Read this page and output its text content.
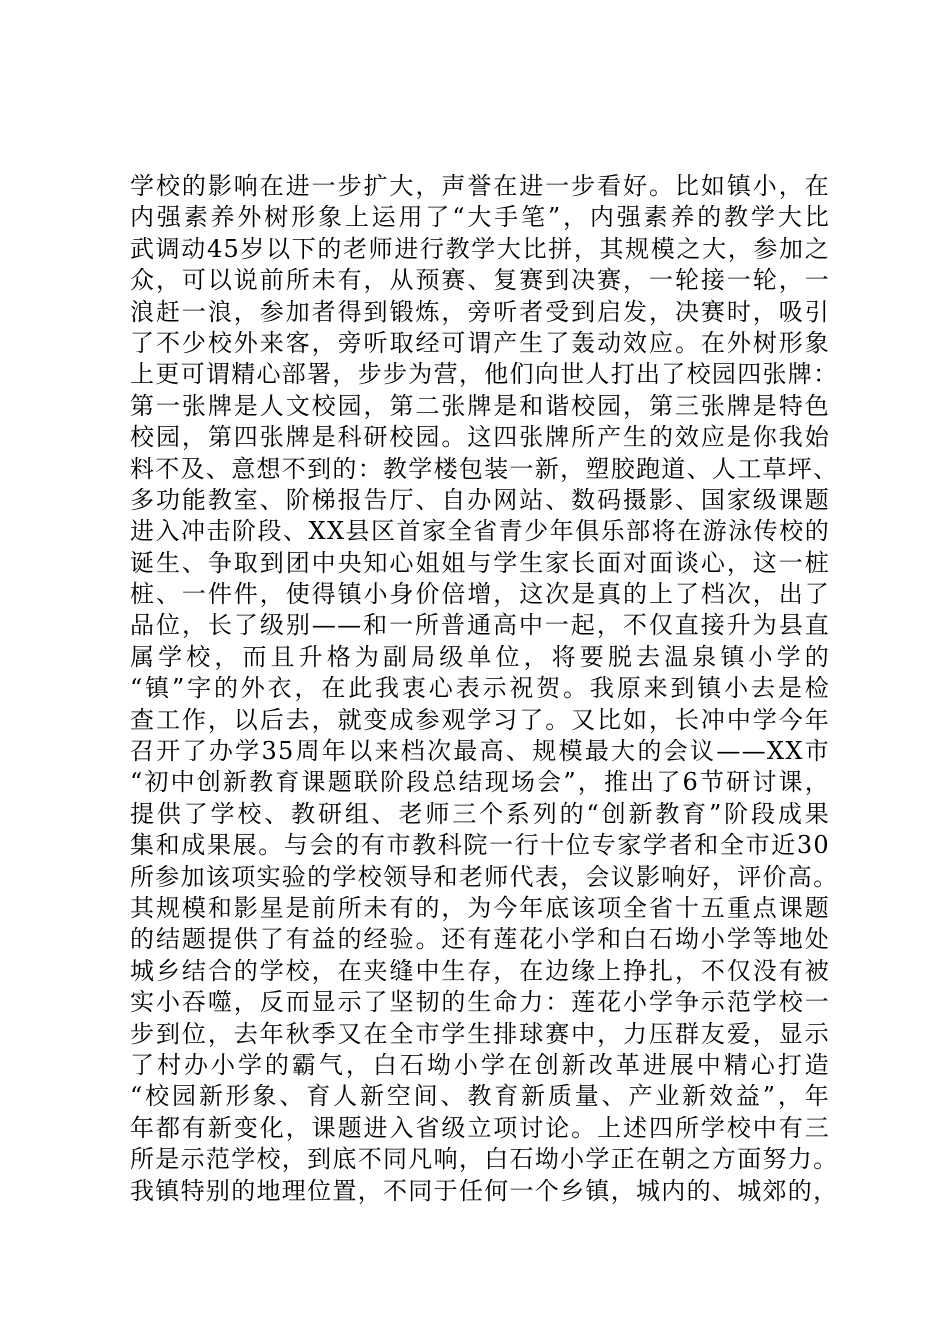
学校的影响在进一步扩大，声誉在进一步看好。比如镇小，在
内强素养外树形象上运用了“大手笔”，内强素养的教学大比
武调动45岁以下的老师进行教学大比拼，其规模之大，参加之
众，可以说前所未有，从预赛、复赛到决赛，一轮接一轮，一
浪赶一浪，参加者得到锻炼，旁听者受到启发，决赛时，吸引
了不少校外来客，旁听取经可谓产生了轰动效应。在外树形象
上更可谓精心部署，步步为营，他们向世人打出了校园四张牌：
第一张牌是人文校园，第二张牌是和谐校园，第三张牌是特色
校园，第四张牌是科研校园。这四张牌所产生的效应是你我始
料不及、意想不到的：教学楼包装一新，塑胶跑道、人工草坪、
多功能教室、阶梯报告厅、自办网站、数码摄影、国家级课题
进入冲击阶段、XX县区首家全省青少年俱乐部将在游泳传校的
诞生、争取到团中央知心姐姐与学生家长面对面谈心，这一桩
桩、一件件，使得镇小身价倍增，这次是真的上了档次，出了
品位，长了级别——和一所普通高中一起，不仅直接升为县直
属学校，而且升格为副局级单位，将要脱去温泉镇小学的
“镇”字的外衣，在此我衷心表示祝贺。我原来到镇小去是检
查工作，以后去，就变成参观学习了。又比如，长冲中学今年
召开了办学35周年以来档次最高、规模最大的会议——XX市
“初中创新教育课题联阶段总结现场会”，推出了6节研讨课，
提供了学校、教研组、老师三个系列的“创新教育”阶段成果
集和成果展。与会的有市教科院一行十位专家学者和全市近30
所参加该项实验的学校领导和老师代表，会议影响好，评价高。
其规模和影星是前所未有的，为今年底该项全省十五重点课题
的结题提供了有益的经验。还有莲花小学和白石坳小学等地处
城乡结合的学校，在夹缝中生存，在边缘上挣扎，不仅没有被
实小吞噬，反而显示了坚韧的生命力：莲花小学争示范学校一
步到位，去年秋季又在全市学生排球赛中，力压群友爱，显示
了村办小学的霸气，白石坳小学在创新改革进展中精心打造
“校园新形象、育人新空间、教育新质量、产业新效益”，年
年都有新变化，课题进入省级立项讨论。上述四所学校中有三
所是示范学校，到底不同凡响，白石坳小学正在朝之方面努力。
我镇特别的地理位置，不同于任何一个乡镇，城内的、城郊的，
